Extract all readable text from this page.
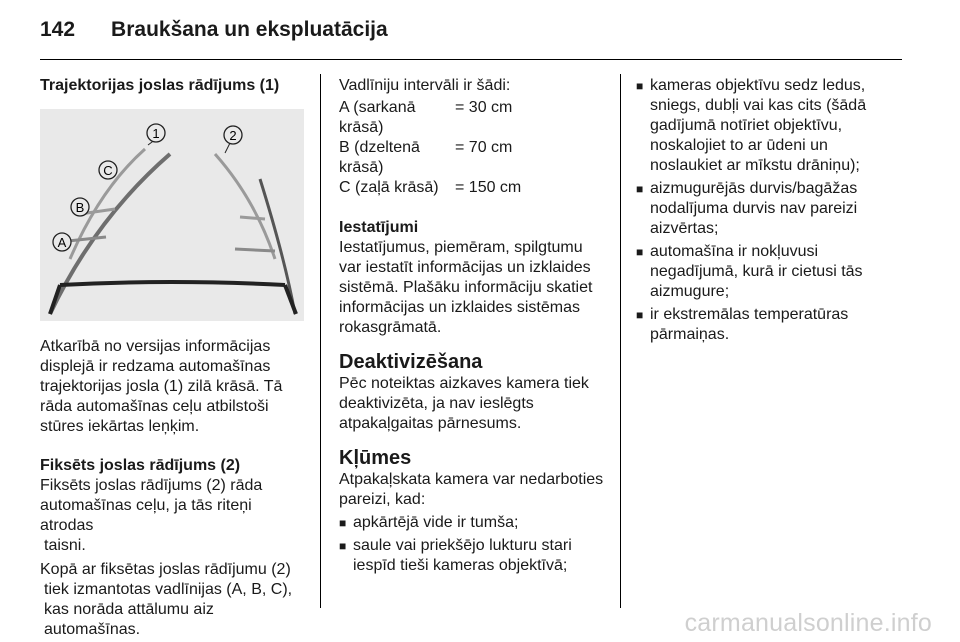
142 Braukšana un ekspluatācija

Trajektorijas joslas rādījums (1)

1	2
C
B
A

Atkarībā no versijas informācijas

displejā ir redzama automašīnas

trajektorijas josla (1) zilā krāsā. Tā

rāda automašīnas ceļu atbilstoši

stūres iekārtas leņķim.

Fiksēts joslas rādījums (2)

Fiksēts joslas rādījums (2) rāda

automašīnas ceļu, ja tās riteņi atrodas

taisni.

Kopā ar fiksētas joslas rādījumu (2)

tiek izmantotas vadlīnijas (A, B, C),

kas norāda attālumu aiz

automašīnas.

Vadlīniju intervāli ir šādi:

A (sarkanā krāsā)
= 30 cm
B (dzeltenā krāsā)
= 70 cm
C (zaļā krāsā)	= 150 cm

Iestatījumi

Iestatījumus, piemēram, spilgtumu

var iestatīt informācijas un izklaides

sistēmā. Plašāku informāciju skatiet

informācijas un izklaides sistēmas

rokasgrāmatā.

Deaktivizēšana

Pēc noteiktas aizkaves kamera tiek

deaktivizēta, ja nav ieslēgts

atpakaļgaitas pārnesums.

Kļūmes

Atpakaļskata kamera var nedarboties

pareizi, kad:

■ apkārtējā vide ir tumša;
■ saule vai priekšējo lukturu stari
iespīd tieši kameras objektīvā;
■ kameras objektīvu sedz ledus,
sniegs, dubļi vai kas cits (šādā
gadījumā notīriet objektīvu,
noskalojiet to ar ūdeni un
noslaukiet ar mīkstu drāniņu);
■ aizmugurējās durvis/bagāžas
nodalījuma durvis nav pareizi
aizvērtas;
■ automašīna ir nokļuvusi
negadījumā, kurā ir cietusi tās
aizmugure;
■ ir ekstremālas temperatūras
pārmaiņas.
carmanualsonline.info
